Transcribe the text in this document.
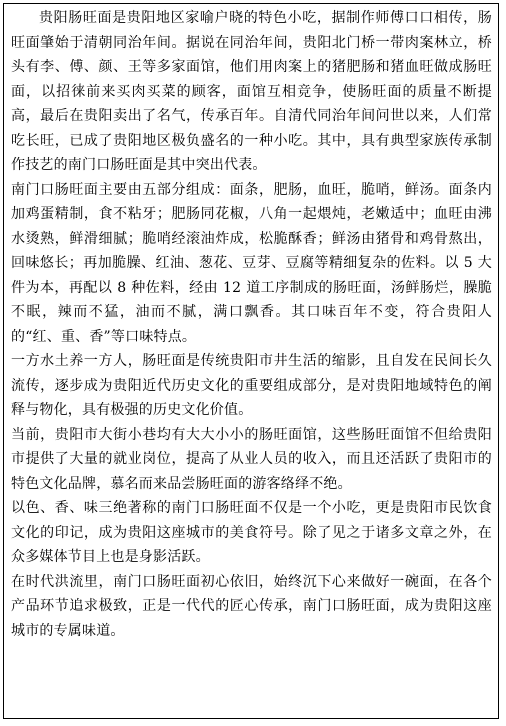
贵阳肠旺面是贵阳地区家喻户晓的特色小吃，据制作师傅口口相传，肠旺面肇始于清朝同治年间。据说在同治年间，贵阳北门桥一带肉案林立，桥头有李、傅、颜、王等多家面馆，他们用肉案上的猪肥肠和猪血旺做成肠旺面，以招徕前来买肉买菜的顾客，面馆互相竞争，使肠旺面的质量不断提高，最后在贵阳卖出了名气，传承百年。自清代同治年间问世以来，人们常吃长旺，已成了贵阳地区极负盛名的一种小吃。其中，具有典型家族传承制作技艺的南门口肠旺面是其中突出代表。

南门口肠旺面主要由五部分组成：面条，肥肠，血旺，脆哨，鲜汤。面条内加鸡蛋精制，食不粘牙；肥肠同花椒，八角一起煨炖，老嫩适中；血旺由沸水烫熟，鲜滑细腻；脆哨经滚油炸成，松脆酥香；鲜汤由猪骨和鸡骨熬出，回味悠长；再加脆臊、红油、葱花、豆芽、豆腐等精细复杂的佐料。以 5 大件为本，再配以 8 种佐料，经由 12 道工序制成的肠旺面，汤鲜肠烂，臊脆不眠，辣而不猛，油而不腻，满口飘香。其口味百年不变，符合贵阳人的“红、重、香”等口味特点。

一方水土养一方人，肠旺面是传统贵阳市井生活的缩影，且自发在民间长久流传，逐步成为贵阳近代历史文化的重要组成部分，是对贵阳地域特色的阐释与物化，具有极强的历史文化价值。

当前，贵阳市大街小巷均有大大小小的肠旺面馆，这些肠旺面馆不但给贵阳市提供了大量的就业岗位，提高了从业人员的收入，而且还活跃了贵阳市的特色文化品牌，慕名而来品尝肠旺面的游客络绎不绝。

以色、香、味三绝著称的南门口肠旺面不仅是一个小吃，更是贵阳市民饮食文化的印记，成为贵阳这座城市的美食符号。除了见之于诸多文章之外，在众多媒体节目上也是身影活跃。

在时代洪流里，南门口肠旺面初心依旧，始终沉下心来做好一碗面，在各个产品环节追求极致，正是一代代的匠心传承，南门口肠旺面，成为贵阳这座城市的专属味道。
